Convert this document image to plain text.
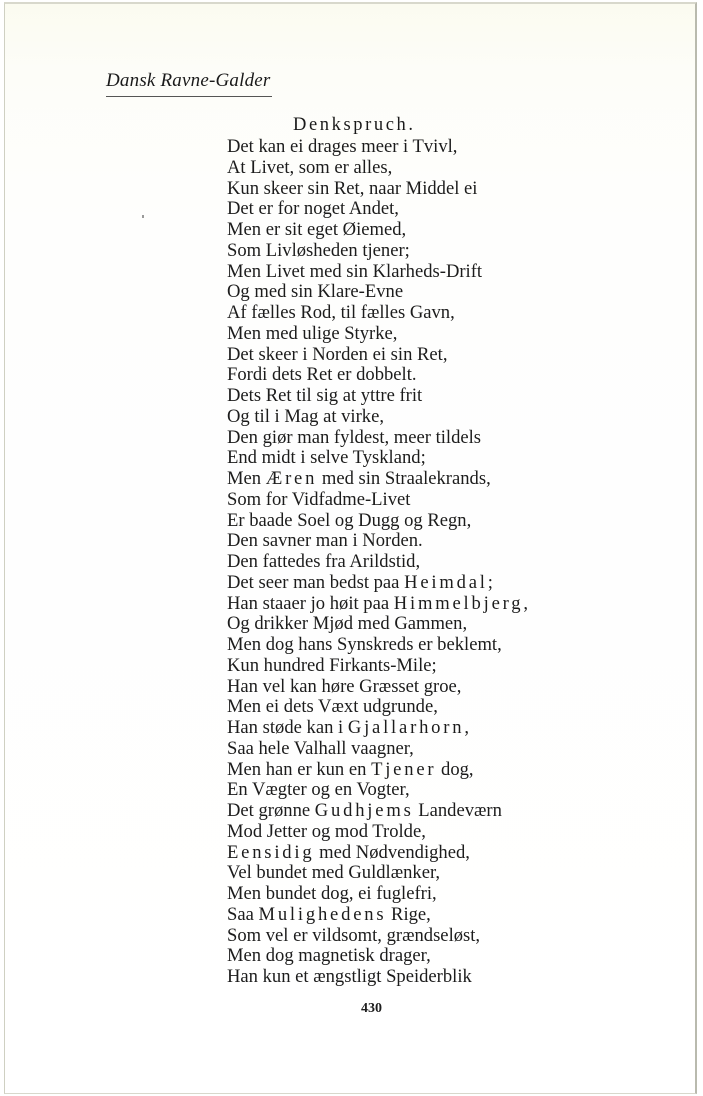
Dansk Ravne-Galder
Denkspruch.
Det kan ei drages meer i Tvivl,
At Livet, som er alles,
Kun skeer sin Ret, naar Middel ei
Det er for noget Andet,
Men er sit eget Øiemed,
Som Livløsheden tjener;
Men Livet med sin Klarheds-Drift
Og med sin Klare-Evne
Af fælles Rod, til fælles Gavn,
Men med ulige Styrke,
Det skeer i Norden ei sin Ret,
Fordi dets Ret er dobbelt.
Dets Ret til sig at yttre frit
Og til i Mag at virke,
Den giør man fyldest, meer tildels
End midt i selve Tyskland;
Men Æren med sin Straalekrands,
Som for Vidfadme-Livet
Er baade Soel og Dugg og Regn,
Den savner man i Norden.
Den fattedes fra Arildstid,
Det seer man bedst paa Heimdal;
Han staaer jo høit paa Himmelbjerg,
Og drikker Mjød med Gammen,
Men dog hans Synskreds er beklemt,
Kun hundred Firkants-Mile;
Han vel kan høre Græsset groe,
Men ei dets Væxt udgrunde,
Han støde kan i Gjallarhorn,
Saa hele Valhall vaagner,
Men han er kun en Tjener dog,
En Vægter og en Vogter,
Det grønne Gudhjems Landeværn
Mod Jetter og mod Trolde,
Eensidig med Nødvendighed,
Vel bundet med Guldlænker,
Men bundet dog, ei fuglefri,
Saa Mulighedens Rige,
Som vel er vildsomt, grændseløst,
Men dog magnetisk drager,
Han kun et ængstligt Speiderblik
430
